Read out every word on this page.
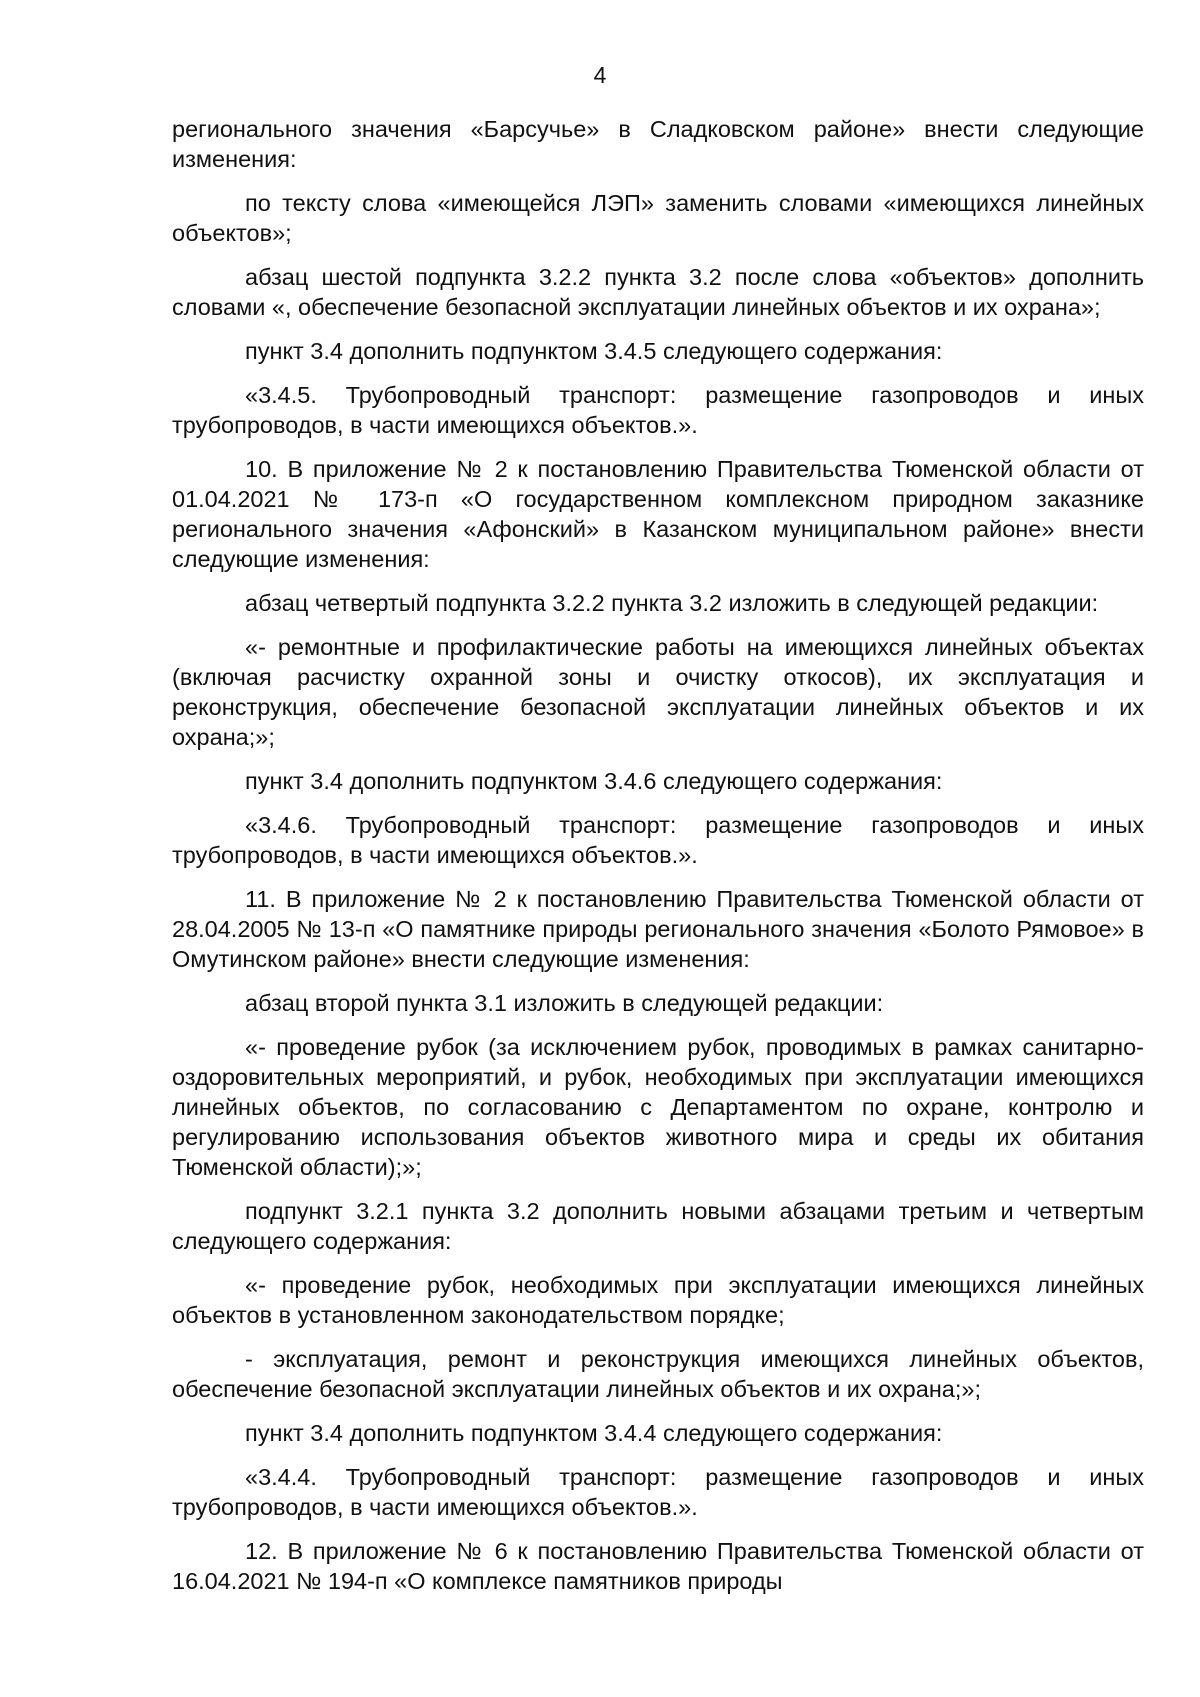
4

регионального значения «Барсучье» в Сладковском районе» внести следующие изменения:

по тексту слова «имеющейся ЛЭП» заменить словами «имеющихся линейных объектов»;

абзац шестой подпункта 3.2.2 пункта 3.2 после слова «объектов» дополнить словами «, обеспечение безопасной эксплуатации линейных объектов и их охрана»;

пункт 3.4 дополнить подпунктом 3.4.5 следующего содержания:

«3.4.5. Трубопроводный транспорт: размещение газопроводов и иных трубопроводов, в части имеющихся объектов.».

10. В приложение № 2 к постановлению Правительства Тюменской области от 01.04.2021 № 173-п «О государственном комплексном природном заказнике регионального значения «Афонский» в Казанском муниципальном районе» внести следующие изменения:

абзац четвертый подпункта 3.2.2 пункта 3.2 изложить в следующей редакции:

«- ремонтные и профилактические работы на имеющихся линейных объектах (включая расчистку охранной зоны и очистку откосов), их эксплуатация и реконструкция, обеспечение безопасной эксплуатации линейных объектов и их охрана;»;

пункт 3.4 дополнить подпунктом 3.4.6 следующего содержания:

«3.4.6. Трубопроводный транспорт: размещение газопроводов и иных трубопроводов, в части имеющихся объектов.».

11. В приложение № 2 к постановлению Правительства Тюменской области от 28.04.2005 № 13-п «О памятнике природы регионального значения «Болото Рямовое» в Омутинском районе» внести следующие изменения:

абзац второй пункта 3.1 изложить в следующей редакции:

«- проведение рубок (за исключением рубок, проводимых в рамках санитарно-оздоровительных мероприятий, и рубок, необходимых при эксплуатации имеющихся линейных объектов, по согласованию с Департаментом по охране, контролю и регулированию использования объектов животного мира и среды их обитания Тюменской области);»;

подпункт 3.2.1 пункта 3.2 дополнить новыми абзацами третьим и четвертым следующего содержания:

«- проведение рубок, необходимых при эксплуатации имеющихся линейных объектов в установленном законодательством порядке;

- эксплуатация, ремонт и реконструкция имеющихся линейных объектов, обеспечение безопасной эксплуатации линейных объектов и их охрана;»;

пункт 3.4 дополнить подпунктом 3.4.4 следующего содержания:

«3.4.4. Трубопроводный транспорт: размещение газопроводов и иных трубопроводов, в части имеющихся объектов.».

12. В приложение № 6 к постановлению Правительства Тюменской области от 16.04.2021 № 194-п «О комплексе памятников природы
